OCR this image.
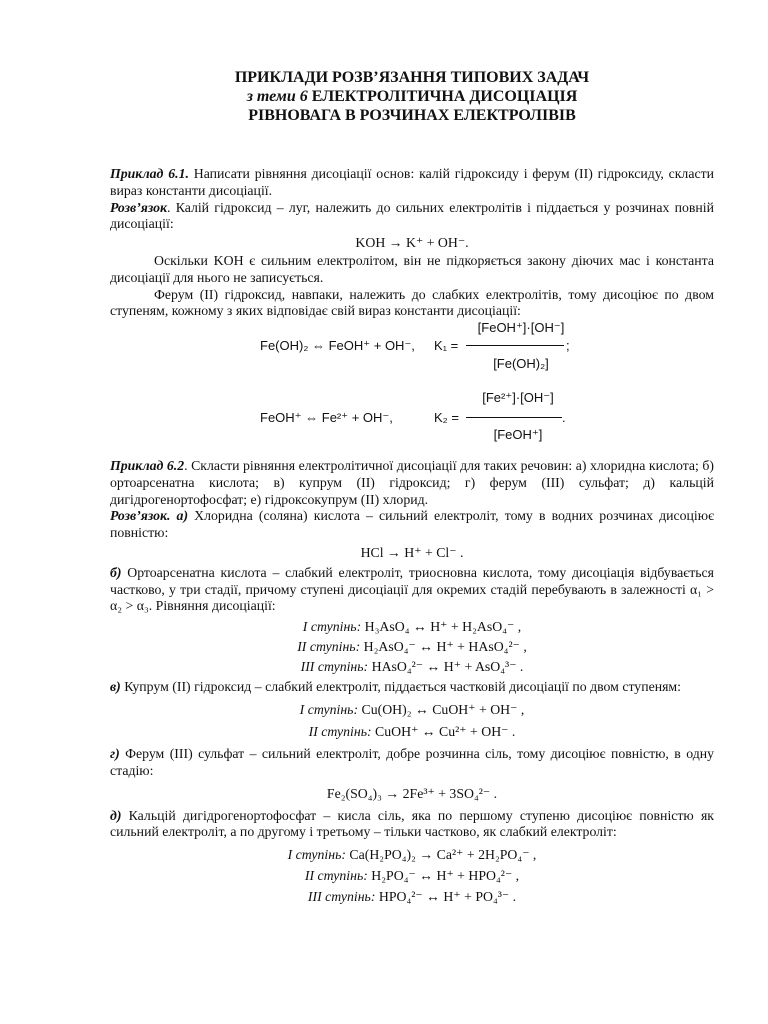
ПРИКЛАДИ РОЗВ’ЯЗАННЯ ТИПОВИХ ЗАДАЧ
з теми 6 ЕЛЕКТРОЛІТИЧНА ДИСОЦІАЦІЯ
РІВНОВАГА В РОЗЧИНАХ ЕЛЕКТРОЛІВІВ

Приклад 6.1. Написати рівняння дисоціації основ: калій гідроксиду і ферум (ІІ) гідроксиду, скласти вираз константи дисоціації.

Розв’язок. Калій гідроксид – луг, належить до сильних електролітів і піддається у розчинах повній дисоціації:

KOH → K⁺ + OH⁻.

Оскільки KOH є сильним електролітом, він не підкоряється закону діючих мас і константа дисоціації для нього не записується.

Ферум (ІІ) гідроксид, навпаки, належить до слабких електролітів, тому дисоціює по двом ступеням, кожному з яких відповідає свій вираз константи дисоціації:

Fe(OH)₂ ⇔ FeOH⁺ + OH⁻, K₁ =
[FeOH⁺]·[OH⁻]
[Fe(OH)₂]
;
FeOH⁺ ⇔ Fe²⁺ + OH⁻,	K₂ =
[Fe²⁺]·[OH⁻]
[FeOH⁺]
.

Приклад 6.2. Скласти рівняння електролітичної дисоціації для таких речовин: а) хлоридна кислота; б) ортоарсенатна кислота; в) купрум (ІІ) гідроксид; г) ферум (ІІІ) сульфат; д) кальцій дигідрогенортофосфат; е) гідроксокупрум (ІІ) хлорид.

Розв’язок. а) Хлоридна (соляна) кислота – сильний електроліт, тому в водних розчинах дисоціює повністю:

HCl → H⁺ + Cl⁻ .

б) Ортоарсенатна кислота – слабкий електроліт, триосновна кислота, тому дисоціація відбувається частково, у три стадії, причому ступені дисоціації для окремих стадій перебувають в залежності α₁ > α₂ > α₃. Рівняння дисоціації:

І ступінь: H₃AsO₄ ↔ H⁺ + H₂AsO₄⁻ ,

ІІ ступінь: H₂AsO₄⁻ ↔ H⁺ + HAsO₄²⁻ ,

ІІІ ступінь: HAsO₄²⁻ ↔ H⁺ + AsO₄³⁻ .

в) Купрум (ІІ) гідроксид – слабкий електроліт, піддається частковій дисоціації по двом ступеням:

І ступінь: Cu(OH)₂ ↔ CuOH⁺ + OH⁻ ,

ІІ ступінь: CuOH⁺ ↔ Cu²⁺ + OH⁻ .

г) Ферум (ІІІ) сульфат – сильний електроліт, добре розчинна сіль, тому дисоціює повністю, в одну стадію:

Fe₂(SO₄)₃ → 2Fe³⁺ + 3SO₄²⁻ .

д) Кальцій дигідрогенортофосфат – кисла сіль, яка по першому ступеню дисоціює повністю як сильний електроліт, а по другому і третьому – тільки частково, як слабкий електроліт:

І ступінь: Ca(H₂PO₄)₂ → Ca²⁺ + 2H₂PO₄⁻ ,

ІІ ступінь: H₂PO₄⁻ ↔ H⁺ + HPO₄²⁻ ,

ІІІ ступінь: HPO₄²⁻ ↔ H⁺ + PO₄³⁻ .
